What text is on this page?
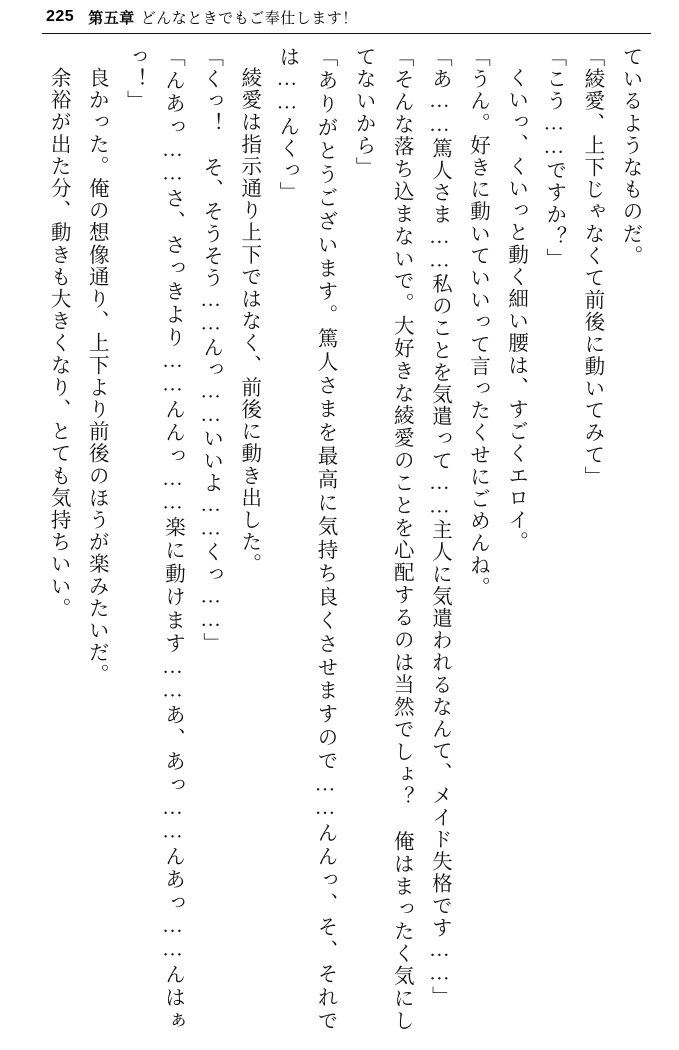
225 第五章 どんなときでもご奉仕します！

ているようなものだ。

「綾愛、上下じゃなくて前後に動いてみて」

「こう……ですか？」

くいっ、くいっと動く細い腰は、すごくエロイ。

「うん。好きに動いていいって言ったくせにごめんね。

「あ……篤人さま……私のことを気遣って……主人に気遣われるなんて、メイド失格です……」

「そんな落ち込まないで。大好きな綾愛のことを心配するのは当然でしょ？　俺はまったく気にしてないから」

「ありがとうございます。篤人さまを最高に気持ち良くさせますので……んんっ、そ、それでは……んくっ」

綾愛は指示通り上下ではなく、前後に動き出した。

「くっ！　そ、そうそう……んっ……いいよ……くっ……」

「んあっ……さ、さっきより……んんっ……楽に動けます……あ、あっ……んあっ……んはぁっ！」

良かった。俺の想像通り、上下より前後のほうが楽みたいだ。

余裕が出た分、動きも大きくなり、とても気持ちいい。
